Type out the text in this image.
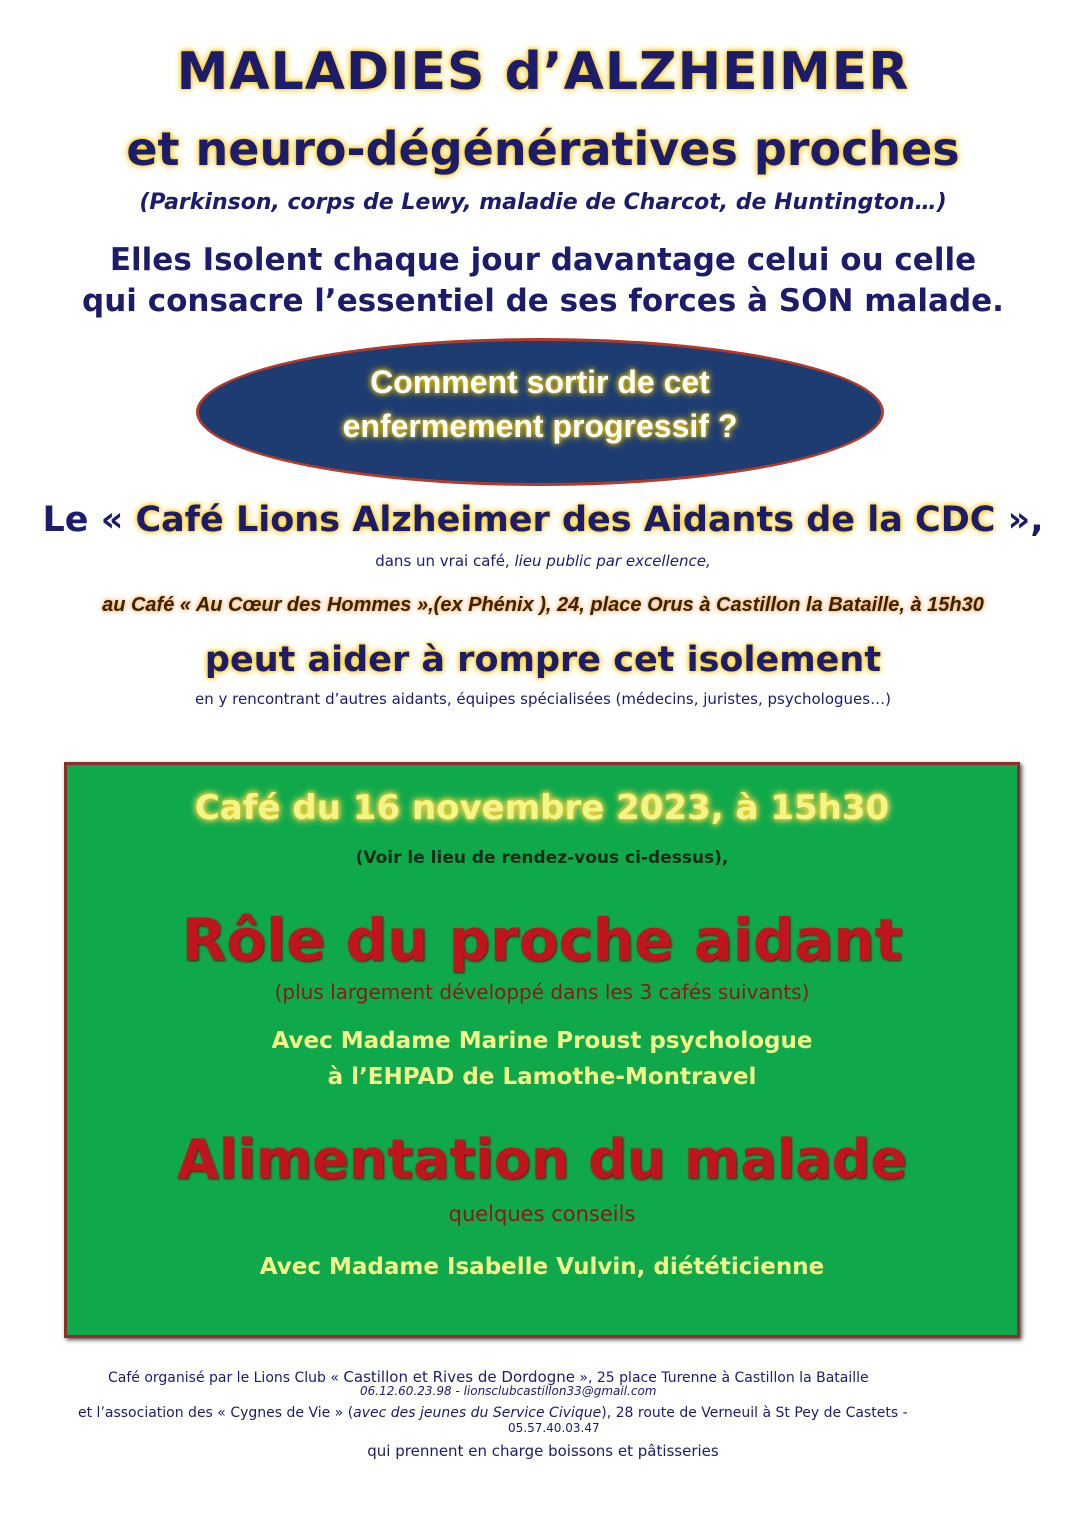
MALADIES d’ALZHEIMER
et neuro-dégénératives proches
(Parkinson, corps de Lewy, maladie de Charcot, de Huntington…)
Elles Isolent chaque jour davantage celui ou celle
qui consacre l’essentiel de ses forces à SON malade.
Comment sortir de cet
enfermement progressif ?
Le « Café Lions Alzheimer des Aidants de la CDC »,
dans un vrai café, lieu public par excellence,
au Café « Au Cœur des Hommes »,(ex Phénix ), 24, place Orus à Castillon la Bataille, à 15h30
peut aider à rompre cet isolement
en y rencontrant d’autres aidants, équipes spécialisées (médecins, juristes, psychologues…)
Café du 16 novembre 2023, à 15h30
(Voir le lieu de rendez-vous ci-dessus),
Rôle du proche aidant
(plus largement développé dans les 3 cafés suivants)
Avec Madame Marine Proust psychologue
à l’EHPAD de Lamothe-Montravel
Alimentation du malade
quelques conseils
Avec Madame Isabelle Vulvin, diététicienne
Café organisé par le Lions Club « Castillon et Rives de Dordogne », 25 place Turenne à Castillon la Bataille
06.12.60.23.98 - lionsclubcastillon33@gmail.com
et l’association des « Cygnes de Vie » (avec des jeunes du Service Civique), 28 route de Verneuil à St Pey de Castets -
05.57.40.03.47
qui prennent en charge boissons et pâtisseries
